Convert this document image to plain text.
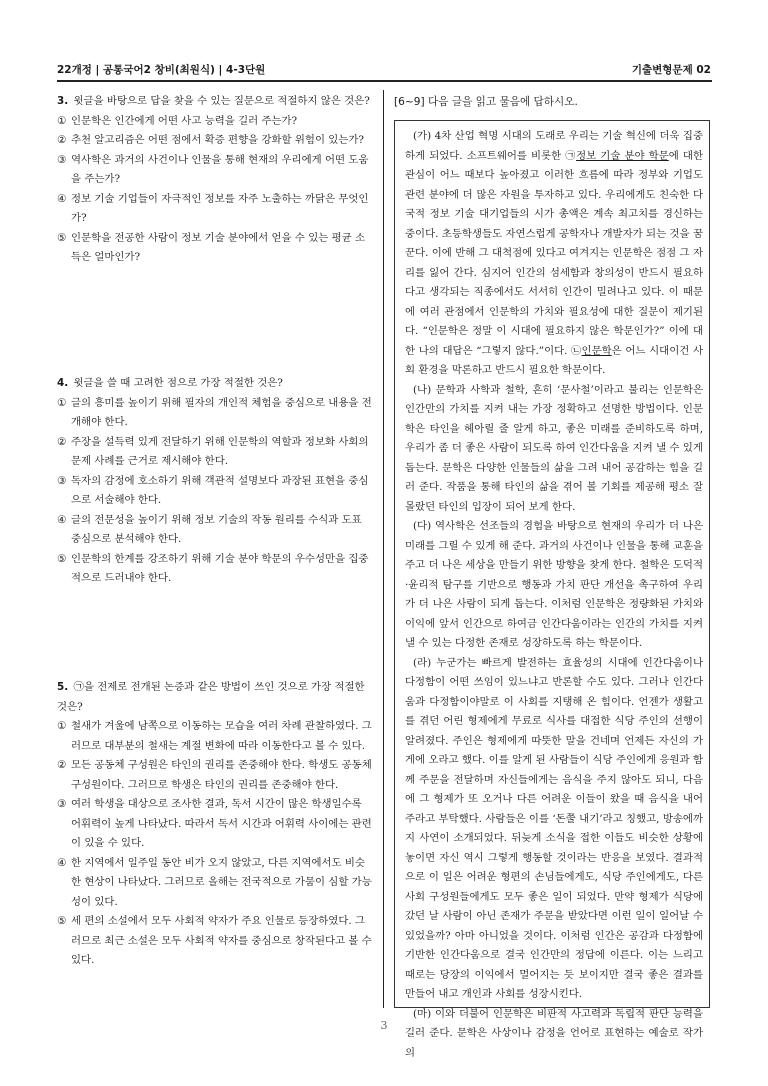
22개정 | 공통국어2 창비(최원식) | 4-3단원	기출변형문제 02
3. 윗글을 바탕으로 답을 찾을 수 있는 질문으로 적절하지 않은 것은?
① 인문학은 인간에게 어떤 사고 능력을 길러 주는가?
② 추천 알고리즘은 어떤 점에서 확증 편향을 강화할 위험이 있는가?
③ 역사학은 과거의 사건이나 인물을 통해 현재의 우리에게 어떤 도움을 주는가?
④ 정보 기술 기업들이 자극적인 정보를 자주 노출하는 까닭은 무엇인가?
⑤ 인문학을 전공한 사람이 정보 기술 분야에서 얻을 수 있는 평균 소득은 얼마인가?
4. 윗글을 쓸 때 고려한 점으로 가장 적절한 것은?
① 글의 흥미를 높이기 위해 필자의 개인적 체험을 중심으로 내용을 전개해야 한다.
② 주장을 설득력 있게 전달하기 위해 인문학의 역할과 정보화 사회의 문제 사례를 근거로 제시해야 한다.
③ 독자의 감정에 호소하기 위해 객관적 설명보다 과장된 표현을 중심으로 서술해야 한다.
④ 글의 전문성을 높이기 위해 정보 기술의 작동 원리를 수식과 도표 중심으로 분석해야 한다.
⑤ 인문학의 한계를 강조하기 위해 기술 분야 학문의 우수성만을 집중적으로 드러내야 한다.
5. ㉠을 전제로 전개된 논증과 같은 방법이 쓰인 것으로 가장 적절한 것은?
① 철새가 겨울에 남쪽으로 이동하는 모습을 여러 차례 관찰하였다. 그러므로 대부분의 철새는 계절 변화에 따라 이동한다고 볼 수 있다.
② 모든 공동체 구성원은 타인의 권리를 존중해야 한다. 학생도 공동체 구성원이다. 그러므로 학생은 타인의 권리를 존중해야 한다.
③ 여러 학생을 대상으로 조사한 결과, 독서 시간이 많은 학생일수록 어휘력이 높게 나타났다. 따라서 독서 시간과 어휘력 사이에는 관련이 있을 수 있다.
④ 한 지역에서 일주일 동안 비가 오지 않았고, 다른 지역에서도 비슷한 현상이 나타났다. 그러므로 올해는 전국적으로 가뭄이 심할 가능성이 있다.
⑤ 세 편의 소설에서 모두 사회적 약자가 주요 인물로 등장하였다. 그러므로 최근 소설은 모두 사회적 약자를 중심으로 창작된다고 볼 수 있다.
[6~9] 다음 글을 읽고 물음에 답하시오.

(가) 4차 산업 혁명 시대의 도래로 우리는 기술 혁신에 더욱 집중하게 되었다. 소프트웨어를 비롯한 ㉠정보 기술 분야 학문에 대한 관심이 어느 때보다 높아졌고 이러한 흐름에 따라 정부와 기업도 관련 분야에 더 많은 자원을 투자하고 있다. 우리에게도 친숙한 다국적 정보 기술 대기업들의 시가 총액은 계속 최고치를 경신하는 중이다. 초등학생들도 자연스럽게 공학자나 개발자가 되는 것을 꿈꾼다. 이에 반해 그 대척점에 있다고 여겨지는 인문학은 점점 그 자리를 잃어 간다. 심지어 인간의 섬세함과 창의성이 반드시 필요하다고 생각되는 직종에서도 서서히 인간이 밀려나고 있다. 이 때문에 여러 관점에서 인문학의 가치와 필요성에 대한 질문이 제기된다. “인문학은 정말 이 시대에 필요하지 않은 학문인가?” 이에 대한 나의 대답은 “그렇지 않다.”이다. ㉡인문학은 어느 시대이건 사회 환경을 막론하고 반드시 필요한 학문이다.

(나) 문학과 사학과 철학, 흔히 ‘문사철’이라고 불리는 인문학은 인간만의 가치를 지켜 내는 가장 정확하고 선명한 방법이다. 인문학은 타인을 헤아릴 줄 알게 하고, 좋은 미래를 준비하도록 하며, 우리가 좀 더 좋은 사람이 되도록 하여 인간다움을 지켜 낼 수 있게 돕는다. 문학은 다양한 인물들의 삶을 그려 내어 공감하는 힘을 길러 준다. 작품을 통해 타인의 삶을 겪어 볼 기회를 제공해 평소 잘 몰랐던 타인의 입장이 되어 보게 한다.

(다) 역사학은 선조들의 경험을 바탕으로 현재의 우리가 더 나은 미래를 그릴 수 있게 해 준다. 과거의 사건이나 인물을 통해 교훈을 주고 더 나은 세상을 만들기 위한 방향을 찾게 한다. 철학은 도덕적·윤리적 탐구를 기반으로 행동과 가치 판단 개선을 촉구하여 우리가 더 나은 사람이 되게 돕는다. 이처럼 인문학은 정량화된 가치와 이익에 앞서 인간으로 하여금 인간다움이라는 인간의 가치를 지켜 낼 수 있는 다정한 존재로 성장하도록 하는 학문이다.

(라) 누군가는 빠르게 발전하는 효율성의 시대에 인간다움이나 다정함이 어떤 쓰임이 있느냐고 반론할 수도 있다. 그러나 인간다움과 다정함이야말로 이 사회를 지탱해 온 힘이다. 언젠가 생활고를 겪던 어린 형제에게 무료로 식사를 대접한 식당 주인의 선행이 알려졌다. 주인은 형제에게 따뜻한 말을 건네며 언제든 자신의 가게에 오라고 했다. 이를 알게 된 사람들이 식당 주인에게 응원과 함께 주문을 전달하며 자신들에게는 음식을 주지 않아도 되니, 다음에 그 형제가 또 오거나 다른 어려운 이들이 왔을 때 음식을 내어 주라고 부탁했다. 사람들은 이를 ‘돈쭐 내기’라고 칭했고, 방송에까지 사연이 소개되었다. 뒤늦게 소식을 접한 이들도 비슷한 상황에 놓이면 자신 역시 그렇게 행동할 것이라는 반응을 보였다. 결과적으로 이 일은 어려운 형편의 손님들에게도, 식당 주인에게도, 다른 사회 구성원들에게도 모두 좋은 일이 되었다. 만약 형제가 식당에 갔던 날 사람이 아닌 존재가 주문을 받았다면 이런 일이 일어날 수 있었을까? 아마 아니었을 것이다. 이처럼 인간은 공감과 다정함에 기반한 인간다움으로 결국 인간만의 정답에 이른다. 이는 느리고 때로는 당장의 이익에서 멀어지는 듯 보이지만 결국 좋은 결과를 만들어 내고 개인과 사회를 성장시킨다.

(마) 이와 더불어 인문학은 비판적 사고력과 독립적 판단 능력을 길러 준다. 문학은 사상이나 감정을 언어로 표현하는 예술로 작가의

3
